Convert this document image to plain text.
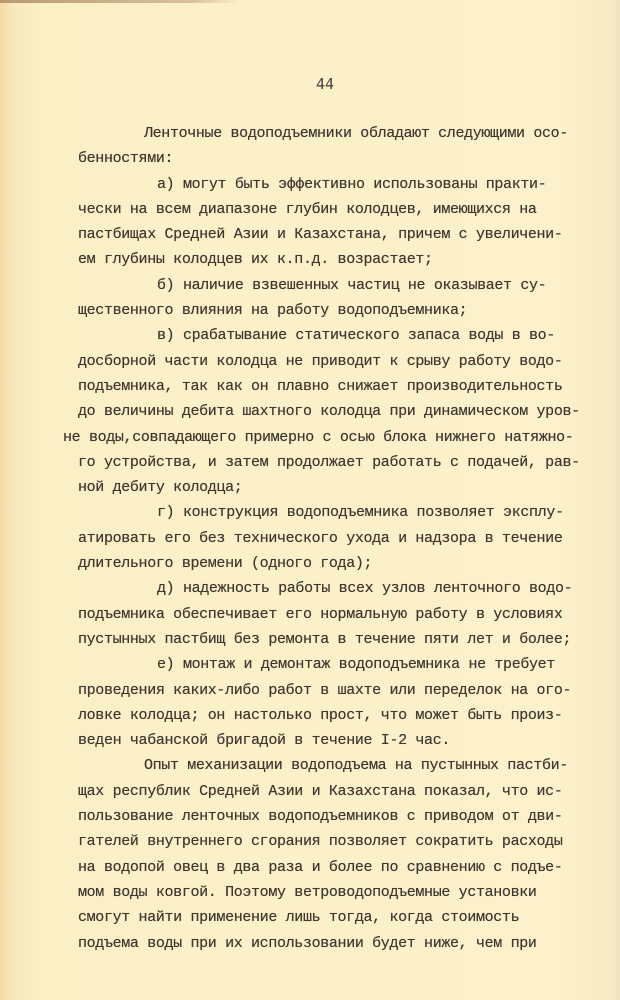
44
Ленточные водоподъемники обладают следующими осо-
бенностями:
а) могут быть эффективно использованы практи-
чески на всем диапазоне глубин колодцев, имеющихся на
пастбищах Средней Азии и Казахстана, причем с увеличени-
ем глубины колодцев их к.п.д. возрастает;
б) наличие взвешенных частиц не оказывает су-
щественного влияния на работу водоподъемника;
в) срабатывание статического запаса воды в во-
досборной части колодца не приводит к срыву работу водо-
подъемника, так как он плавно снижает производительность
до величины дебита шахтного колодца при динамическом уров-
не воды,совпадающего примерно с осью блока нижнего натяжно-
го устройства, и затем продолжает работать с подачей, рав-
ной дебиту колодца;
г) конструкция водоподъемника позволяет эксплу-
атировать его без технического ухода и надзора в течение
длительного времени (одного года);
д) надежность работы всех узлов ленточного водо-
подъемника обеспечивает его нормальную работу в условиях
пустынных пастбищ без ремонта в течение пяти лет и более;
е) монтаж и демонтаж водоподъемника не требует
проведения каких-либо работ в шахте или переделок на ого-
ловке колодца; он настолько прост, что может быть произ-
веден чабанской бригадой в течение I-2 час.
Опыт механизации водоподъема на пустынных пастби-
щах республик Средней Азии и Казахстана показал, что ис-
пользование ленточных водоподъемников с приводом от дви-
гателей внутреннего сгорания позволяет сократить расходы
на водопой овец в два раза и более по сравнению с подъе-
мом воды ковгой. Поэтому ветроводоподъемные установки
смогут найти применение лишь тогда, когда стоимость
подъема воды при их использовании будет ниже, чем при
